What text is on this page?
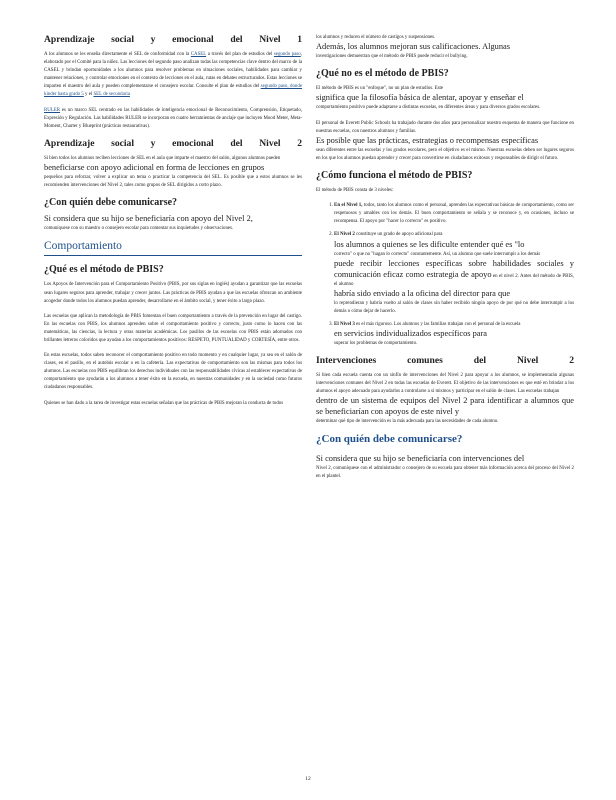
Aprendizaje social y emocional del Nivel 1

A los alumnos se les enseña directamente el SEL de conformidad con la CASEL a través del plan de estudios del segundo paso, elaborado por el Comité para la niñez. Las lecciones del segundo paso analizan todas las competencias clave dentro del marco de la CASEL y brindan oportunidades a los alumnos para resolver problemas en situaciones sociales, habilidades para cambiar y mantener relaciones, y controlar emociones en el contexto de lecciones en el aula, rutas en debates estructurados. Estas lecciones se imparten el maestro del aula y pueden complementarse el consejero escolar. Consulte el plan de estudios del segundo paso, donde kinder hasta grado 5 y el SEL de secundaria

RULER es un marco SEL centrado en las habilidades de inteligencia emocional de Reconocimiento, Comprensión, Etiquetado, Expresión y Regulación. Las habilidades RULER se incorporan en cuatro herramientas de anclaje que incluyen Mood Meter, Meta-Moment, Charter y Blueprint (prácticas restaurativas).

Aprendizaje social y emocional del Nivel 2

Si bien todos los alumnos reciben lecciones de SEL en el aula que imparte el maestro del salón, algunos alumnos pueden
beneficiarse con apoyo adicional en forma de lecciones en grupos
pequeños para reforzar, volver a explicar un tema o practicar la competencia del SEL. Es posible que a estos alumnos se les recomienden intervenciones del Nivel 2, tales como grupos de SEL dirigidos a corto plazo.

¿Con quién debe comunicarse?

Si considera que su hijo se beneficiaría con apoyo del Nivel 2,
comuníquese con su maestro o consejero escolar para comentar sus inquietudes y observaciones.

Comportamiento
¿Qué es el método de PBIS?

Los Apoyos de Intervención para el Comportamiento Positivo (PBIS, por sus siglas en inglés) ayudan a garantizar que las escuelas sean lugares seguros para aprender, trabajar y crecer juntos. Las prácticas de PBIS ayudan a que las escuelas ofrezcan un ambiente acogedor donde todos los alumnos puedan aprender, desarrollarse en el ámbito social, y tener éxito a largo plazo.

Las escuelas que aplican la metodología de PBIS fomentan el buen comportamiento a través de la prevención en lugar del castigo. En las escuelas con PBIS, los alumnos aprenden sobre el comportamiento positivo y correcto, justo como lo hacen con las matemáticas, las ciencias, la lectura y otras materias académicas. Los pasillos de las escuelas con PBIS están adornados con brillantes letreros coloridos que ayudan a los comportamientos positivos: RESPETO, PUNTUALIDAD y CORTESÍA, entre otros.

En estas escuelas, todos saben reconocer el comportamiento positivo en todo momento y en cualquier lugar, ya sea en el salón de clases, en el pasillo, en el autobús escolar o en la cafetería. Las expectativas de comportamiento son las mismas para todos los alumnos. Las escuelas con PBIS equilibran los derechos individuales con las responsabilidades cívicas al establecer expectativas de comportamiento que ayudarán a los alumnos a tener éxito en la escuela, en nuestras comunidades y en la sociedad como futuros ciudadanos responsables.

Quienes se han dado a la tarea de investigar estas escuelas señalan que las prácticas de PBIS mejoran la conducta de todos

los alumnos y reducen el número de castigos y suspensiones.
Además, los alumnos mejoran sus calificaciones. Algunas
investigaciones demuestran que el método de PBIS puede reducir el bullying.

¿Qué no es el método de PBIS?

El método de PBIS es un "enfoque", no un plan de estudios. Este
significa que la filosofía básica de alentar, apoyar y enseñar el
comportamiento positivo puede adaptarse a distintas escuelas, en diferentes áreas y para diversos grados escolares.

El personal de Everett Public Schools ha trabajado durante dos años para personalizar nuestro esquema de manera que funcione en nuestras escuelas, con nuestros alumnos y familias.
Es posible que las prácticas, estrategias o recompensas específicas
sean diferentes entre las escuelas y los grados escolares, pero el objetivo es el mismo. Nuestras escuelas deben ser lugares seguros en los que los alumnos puedan aprender y crecer para convertirse en ciudadanos exitosos y responsables de dirigir el futuro.

¿Cómo funciona el método de PBIS?

El método de PBIS consta de 3 niveles:

1. En el Nivel 1, todos, tanto los alumnos como el personal, aprenden las expectativas básicas de comportamiento, como ser respetuosos y amables con los demás. El buen comportamiento se señala y se reconoce y, en ocasiones, incluso se recompensa. El apoyo por "hacer lo correcto" es positivo.
2. El Nivel 2 constituye un grado de apoyo adicional para
los alumnos a quienes se les dificulte entender qué es "lo
correcto" o que no "hagan lo correcto" constantemente. Así, un alumno que suele interrumpir a los demás
puede recibir lecciones específicas sobre habilidades sociales y comunicación eficaz como estrategia de apoyo en el nivel 2. Antes del método de PBIS, el alumno
habría sido enviado a la oficina del director para que
lo reprendieran y habría vuelto al salón de clases sin haber recibido ningún apoyo de por qué no debe interrumpir a los demás o cómo dejar de hacerlo.
3. El Nivel 3 es el más riguroso. Los alumnos y las familias trabajan con el personal de la escuela
en servicios individualizados específicos para
superar los problemas de comportamiento.
Intervenciones comunes del Nivel 2

Si bien cada escuela cuenta con un sinfín de intervenciones del Nivel 2 para apoyar a los alumnos, se implementarán algunas intervenciones comunes del Nivel 2 en todas las escuelas de Everett. El objetivo de las intervenciones es que esté en brindar a los alumnos el apoyo adecuado para ayudarlos a controlarse a sí mismos y participar en el salón de clases. Las escuelas trabajan
dentro de un sistema de equipos del Nivel 2 para identificar a alumnos que se beneficiarían con apoyos de este nivel y
determinar qué tipo de intervención es la más adecuada para las necesidades de cada alumno.

¿Con quién debe comunicarse?

Si considera que su hijo se beneficiaría con intervenciones del
Nivel 2, comuníquese con el administrador o consejero de su escuela para obtener más información acerca del proceso del Nivel 2 en el plantel.

12
